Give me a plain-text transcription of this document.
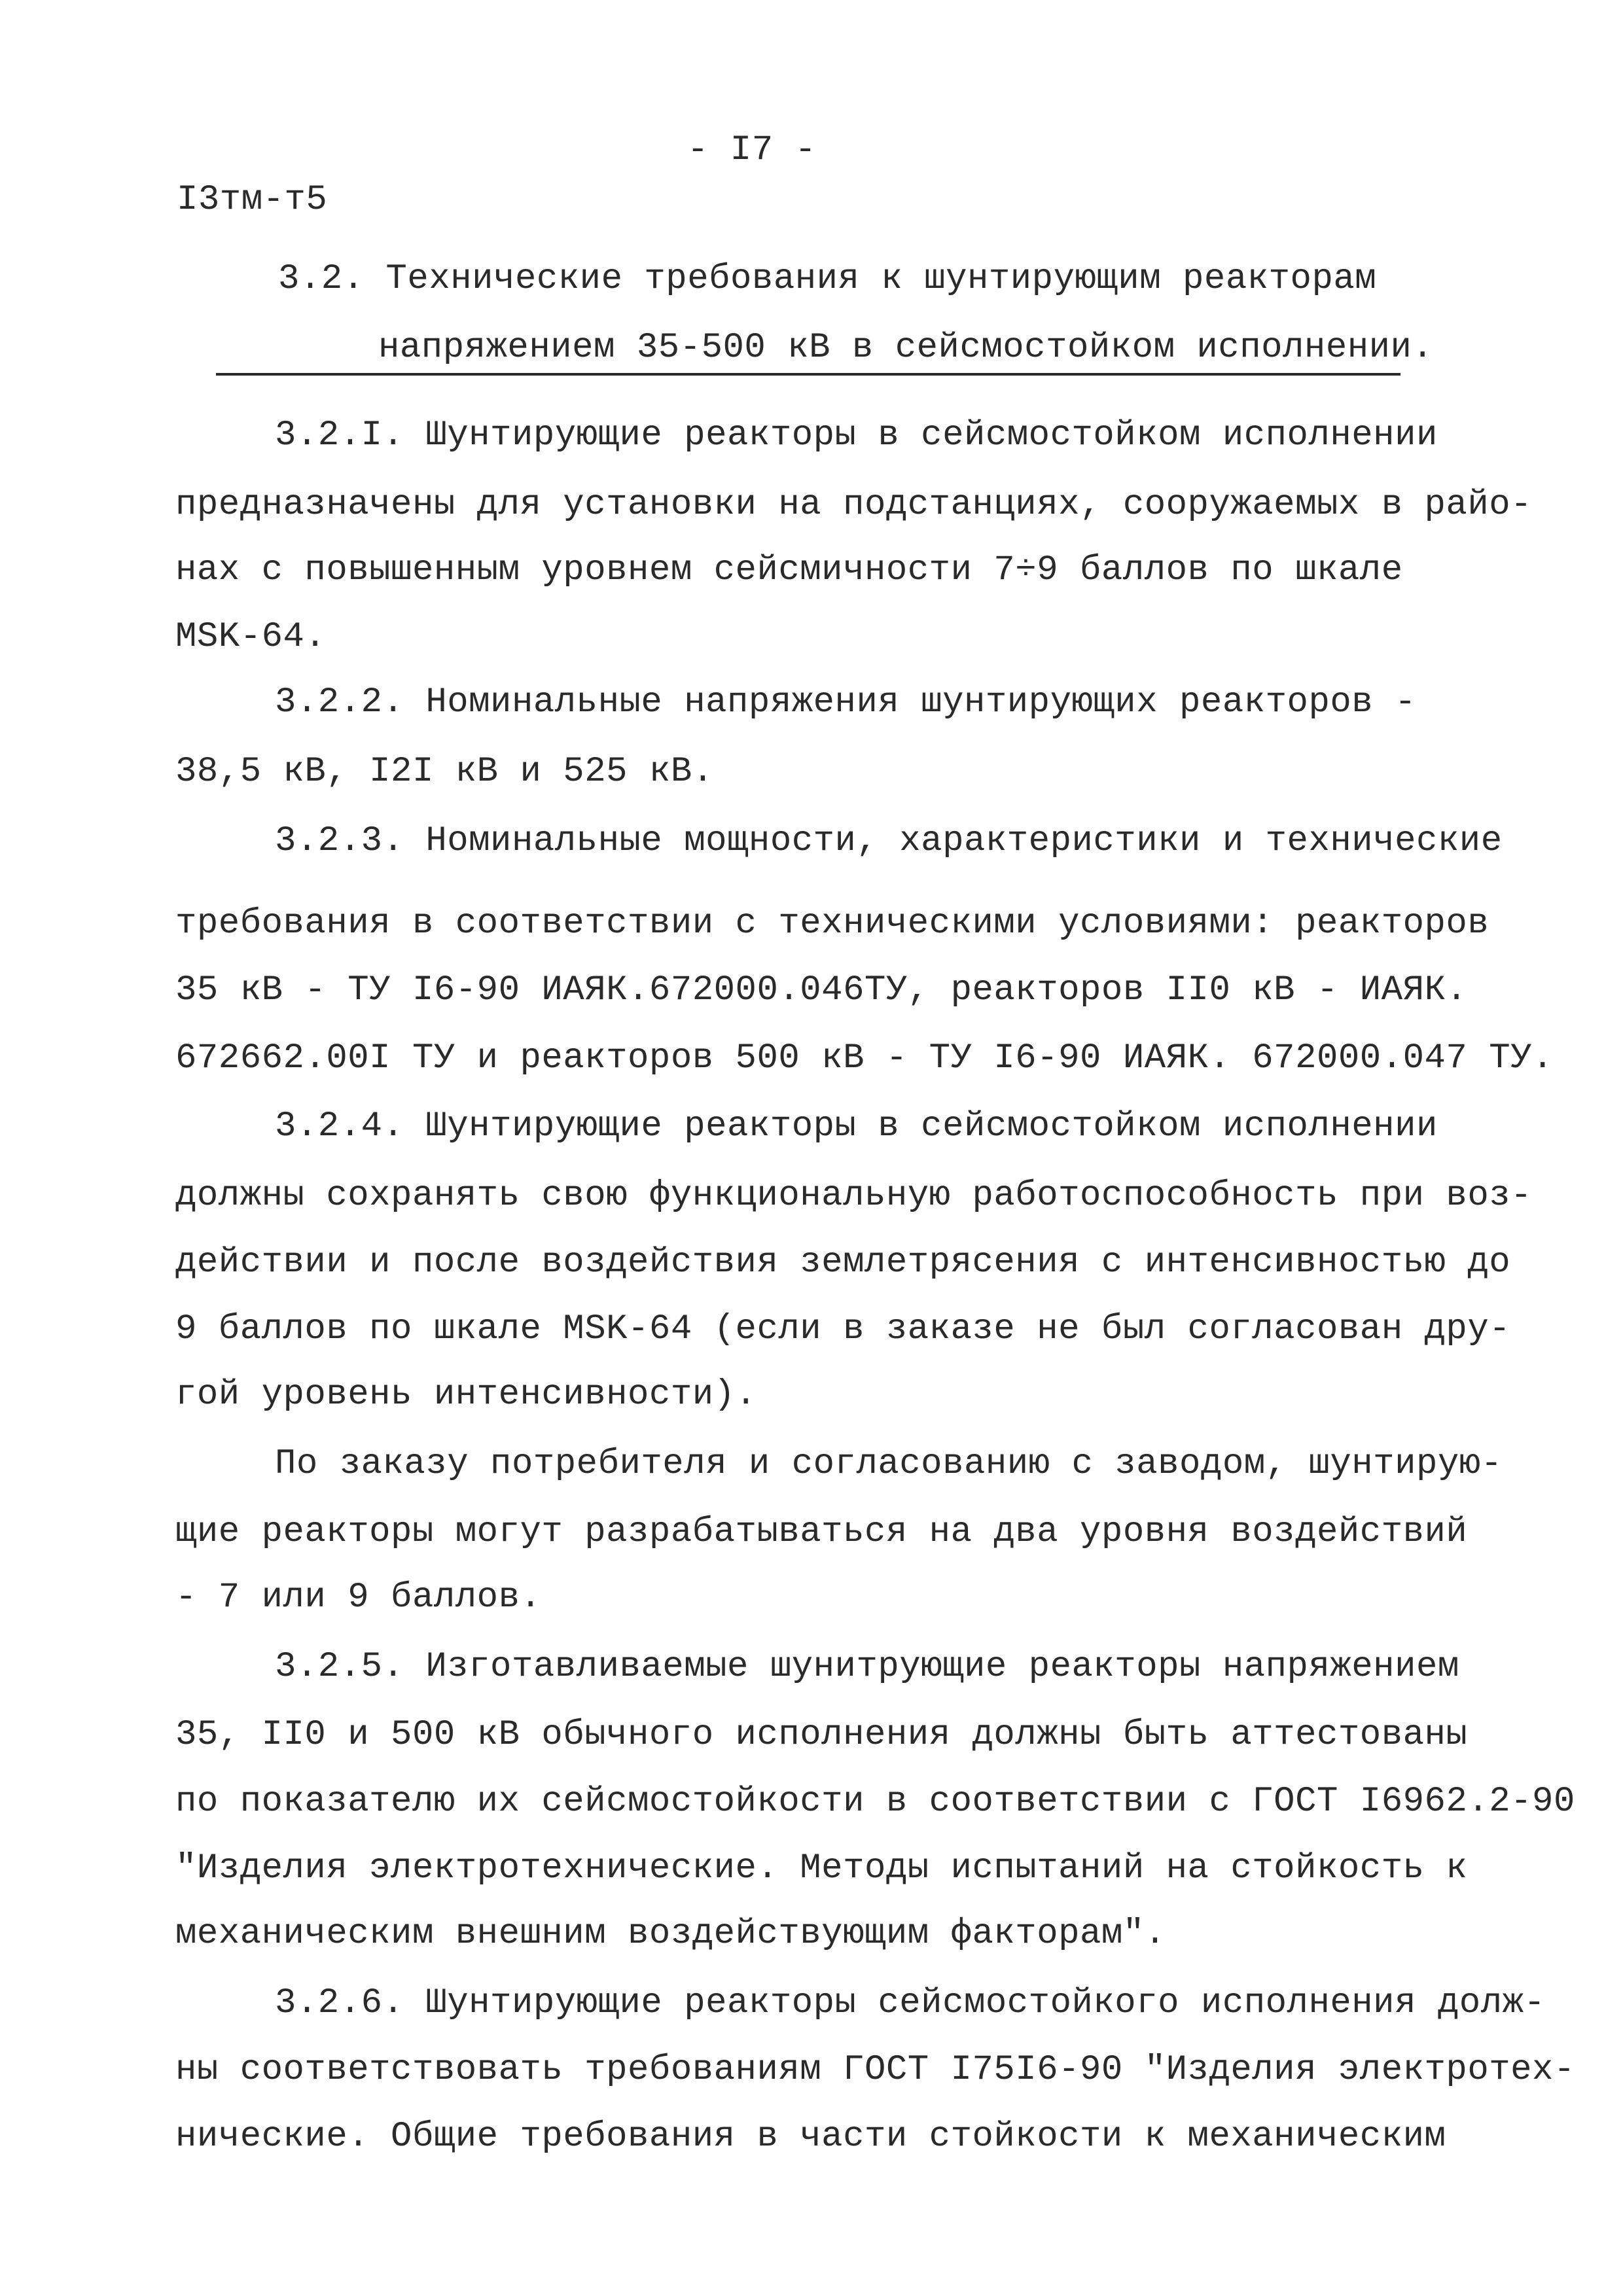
- I7 -
I3тм-т5
3.2. Технические требования к шунтирующим реакторам
напряжением 35-500 кВ в сейсмостойком исполнении.
3.2.I. Шунтирующие реакторы в сейсмостойком исполнении
предназначены для установки на подстанциях, сооружаемых в райо-
нах с повышенным уровнем сейсмичности 7÷9 баллов по шкале
MSK-64.
3.2.2. Номинальные напряжения шунтирующих реакторов -
38,5 кВ, I2I кВ и 525 кВ.
3.2.3. Номинальные мощности, характеристики и технические
требования в соответствии с техническими условиями: реакторов
35 кВ - ТУ I6-90 ИАЯК.672000.046ТУ, реакторов II0 кВ - ИАЯК.
672662.00I ТУ и реакторов 500 кВ - ТУ I6-90 ИАЯК. 672000.047 ТУ.
3.2.4. Шунтирующие реакторы в сейсмостойком исполнении
должны сохранять свою функциональную работоспособность при воз-
действии и после воздействия землетрясения с интенсивностью до
9 баллов по шкале MSK-64 (если в заказе не был согласован дру-
гой уровень интенсивности).
По заказу потребителя и согласованию с заводом, шунтирую-
щие реакторы могут разрабатываться на два уровня воздействий
- 7 или 9 баллов.
3.2.5. Изготавливаемые шунитрующие реакторы напряжением
35, II0 и 500 кВ обычного исполнения должны быть аттестованы
по показателю их сейсмостойкости в соответствии с ГОСТ I6962.2-90
"Изделия электротехнические. Методы испытаний на стойкость к
механическим внешним воздействующим факторам".
3.2.6. Шунтирующие реакторы сейсмостойкого исполнения долж-
ны соответствовать требованиям ГОСТ I75I6-90 "Изделия электротех-
нические. Общие требования в части стойкости к механическим
